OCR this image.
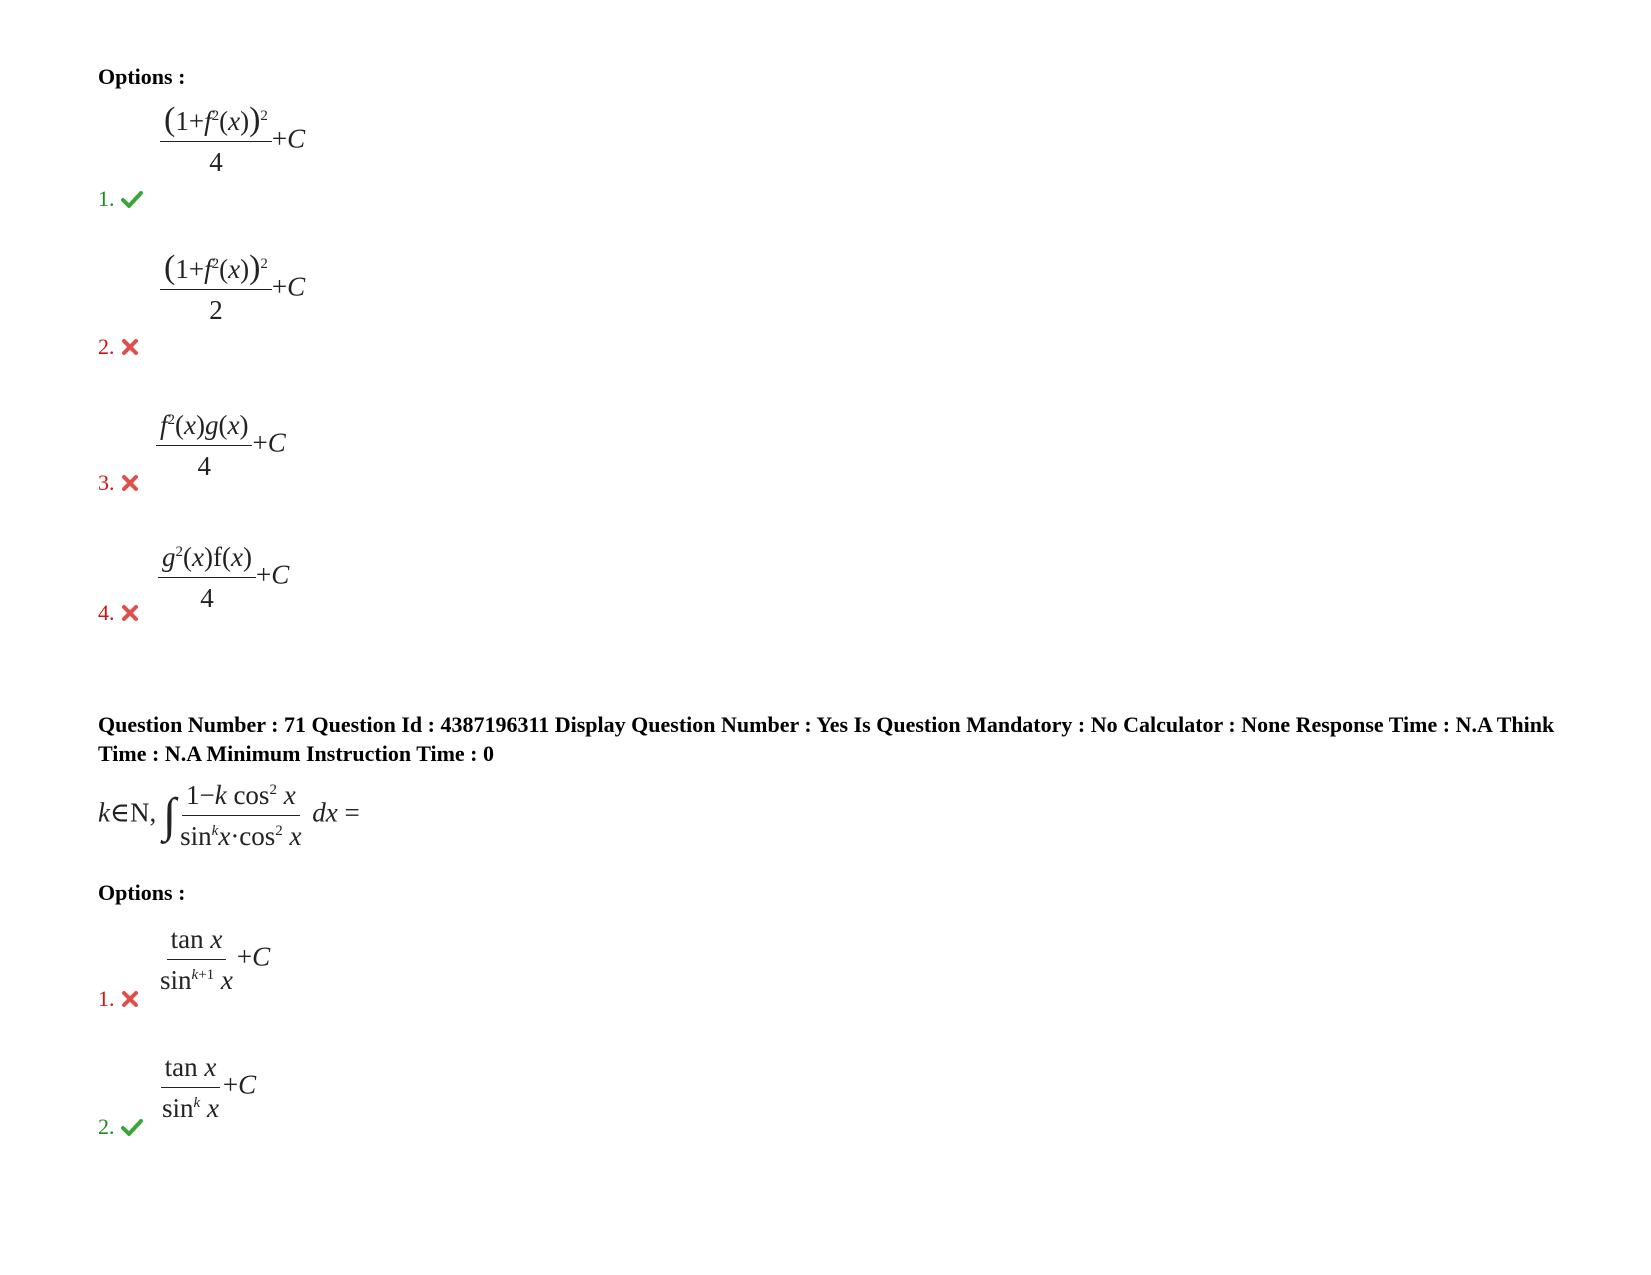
Options :
1.
$\frac{(1+f^2(x))^2}{4} +C$
2.
$\frac{(1+f^2(x))^2}{2} +C$
3.	$\frac{f^2(x)g(x)}{4} +C$
4.	$\frac{g^2(x)f(x)}{4} +C$
Question Number : 71 Question Id : 4387196311 Display Question Number : Yes Is Question Mandatory : No Calculator : None Response Time : N.A Think Time : N.A Minimum Instruction Time : 0
k∈N, ∫ $\frac{1-k \cos^2 x}{\sin^kx\cdot\cos^2 x}$ dx =
Options :
1.
$\frac{\text{tan x}}{\sin^{k+1} x} +C$
2.
$\frac{\text{tan x}}{\sin^k x} +C$
